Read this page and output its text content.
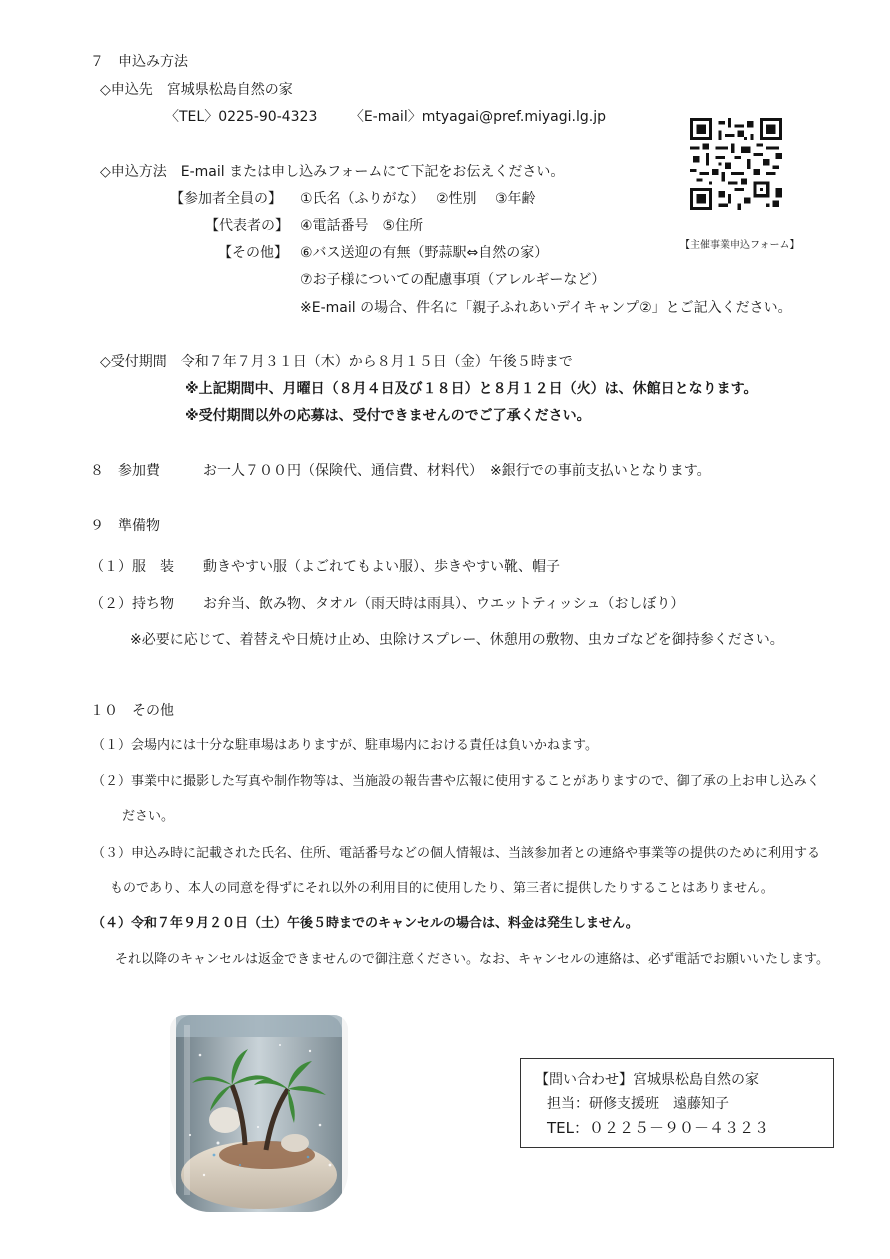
７　申込み方法
◇申込先　宮城県松島自然の家
〈TEL〉0225-90-4323　　 〈E-mail〉mtyagai@pref.miyagi.lg.jp
【主催事業申込フォーム】
◇申込方法　E-mail または申し込みフォームにて下記をお伝えください。
【参加者全員の】 ①氏名（ふりがな）　 ②性別　 ③年齢
【代表者の】 ④電話番号　⑤住所
【その他】 ⑥バス送迎の有無（野蒜駅⇔自然の家）
⑦お子様についての配慮事項（アレルギーなど）
※E-mail の場合、件名に「親子ふれあいデイキャンプ②」とご記入ください。
◇受付期間　令和７年７月３１日（木）から８月１５日（金）午後５時まで
※上記期間中、月曜日（８月４日及び１８日）と８月１２日（火）は、休館日となります。
※受付期間以外の応募は、受付できませんのでご了承ください。
８　参加費	お一人７００円（保険代、通信費、材料代）　※銀行での事前支払いとなります。
９　準備物
（１）服　装 動きやすい服（よごれてもよい服）、歩きやすい靴、帽子
（２）持ち物 お弁当、飲み物、タオル（雨天時は雨具）、ウエットティッシュ（おしぼり）
※必要に応じて、着替えや日焼け止め、虫除けスプレー、休憩用の敷物、虫カゴなどを御持参ください。
１０　その他
（１）会場内には十分な駐車場はありますが、駐車場内における責任は負いかねます。
（２）事業中に撮影した写真や制作物等は、当施設の報告書や広報に使用することがありますので、御了承の上お申し込みく
ださい。
（３）申込み時に記載された氏名、住所、電話番号などの個人情報は、当該参加者との連絡や事業等の提供のために利用する
ものであり、本人の同意を得ずにそれ以外の利用目的に使用したり、第三者に提供したりすることはありません。
（４）令和７年９月２０日（土）午後５時までのキャンセルの場合は、料金は発生しません。
それ以降のキャンセルは返金できませんので御注意ください。なお、キャンセルの連絡は、必ず電話でお願いいたします。
【問い合わせ】宮城県松島自然の家
担当：研修支援班　遠藤知子
TEL：０２２５－９０－４３２３
